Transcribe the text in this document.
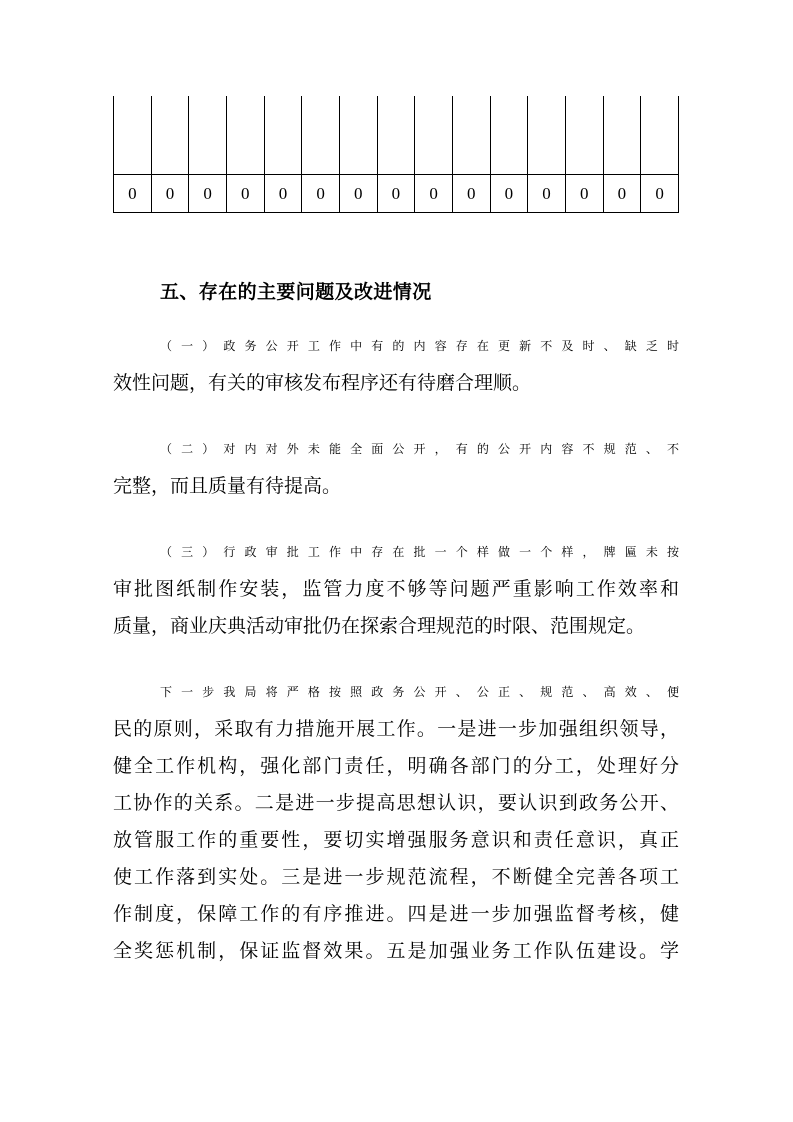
0	0	0	0	0	0	0	0	0	0	0	0	0	0	0
五、存在的主要问题及改进情况
（一）政务公开工作中有的内容存在更新不及时、缺乏时
效性问题，有关的审核发布程序还有待磨合理顺。
（二）对内对外未能全面公开，有的公开内容不规范、不
完整，而且质量有待提高。
（三）行政审批工作中存在批一个样做一个样，牌匾未按
审批图纸制作安装，监管力度不够等问题严重影响工作效率和
质量，商业庆典活动审批仍在探索合理规范的时限、范围规定。
下一步我局将严格按照政务公开、公正、规范、高效、便
民的原则，采取有力措施开展工作。一是进一步加强组织领导，
健全工作机构，强化部门责任，明确各部门的分工，处理好分
工协作的关系。二是进一步提高思想认识，要认识到政务公开、
放管服工作的重要性，要切实增强服务意识和责任意识，真正
使工作落到实处。三是进一步规范流程，不断健全完善各项工
作制度，保障工作的有序推进。四是进一步加强监督考核，健
全奖惩机制，保证监督效果。五是加强业务工作队伍建设。学
